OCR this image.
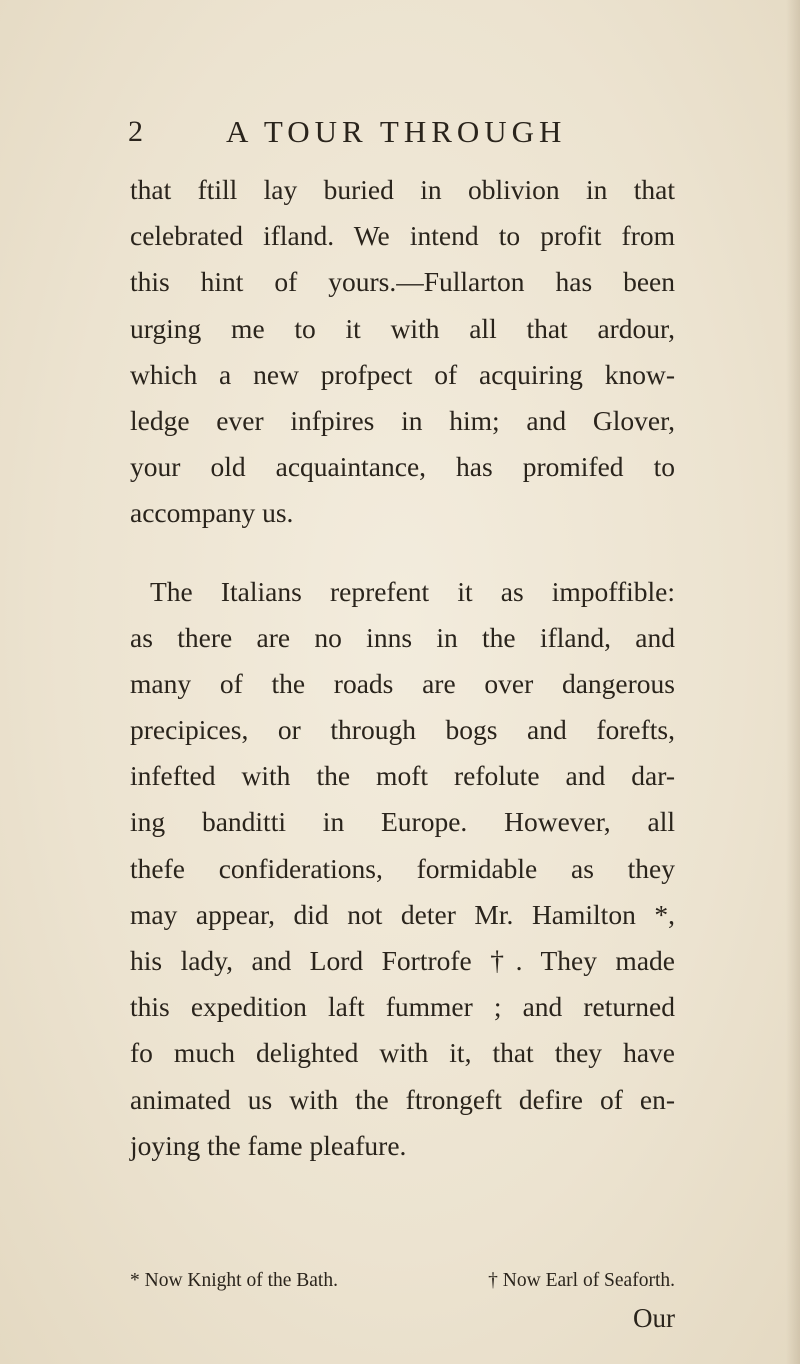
2	A TOUR THROUGH
that ftill lay buried in oblivion in that
celebrated ifland. We intend to profit from
this hint of yours.—Fullarton has been
urging me to it with all that ardour,
which a new profpect of acquiring know-
ledge ever infpires in him; and Glover,
your old acquaintance, has promifed to
accompany us.
The Italians reprefent it as impoffible:
as there are no inns in the ifland, and
many of the roads are over dangerous
precipices, or through bogs and forefts,
infefted with the moft refolute and dar-
ing banditti in Europe. However, all
thefe confiderations, formidable as they
may appear, did not deter Mr. Hamilton *,
his lady, and Lord Fortrofe †. They made
this expedition laft fummer ; and returned
fo much delighted with it, that they have
animated us with the ftrongeft defire of en-
joying the fame pleafure.
* Now Knight of the Bath.	† Now Earl of Seaforth.
Our
